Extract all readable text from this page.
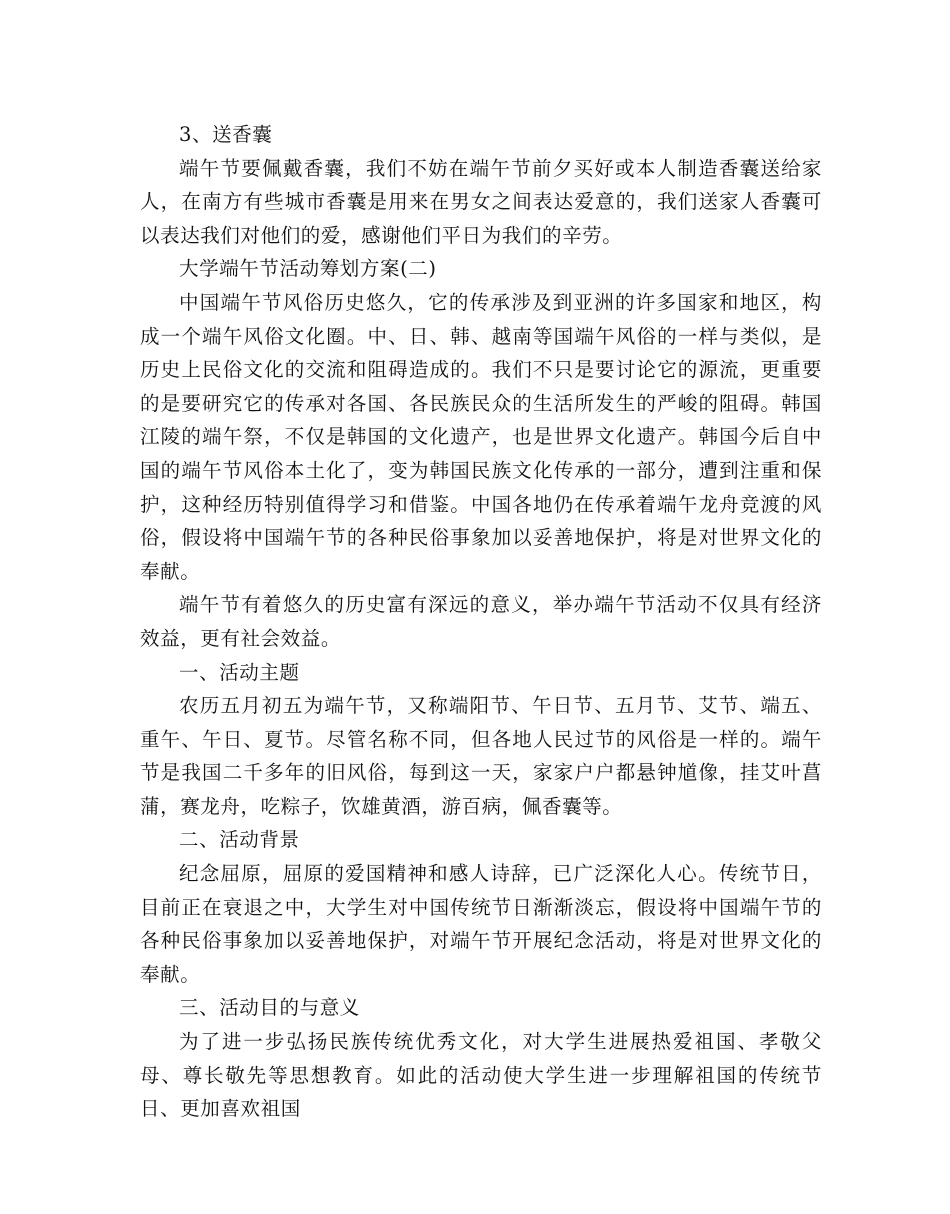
3、送香囊

端午节要佩戴香囊，我们不妨在端午节前夕买好或本人制造香囊送给家人，在南方有些城市香囊是用来在男女之间表达爱意的，我们送家人香囊可以表达我们对他们的爱，感谢他们平日为我们的辛劳。

大学端午节活动筹划方案(二)

中国端午节风俗历史悠久，它的传承涉及到亚洲的许多国家和地区，构成一个端午风俗文化圈。中、日、韩、越南等国端午风俗的一样与类似，是历史上民俗文化的交流和阻碍造成的。我们不只是要讨论它的源流，更重要的是要研究它的传承对各国、各民族民众的生活所发生的严峻的阻碍。韩国江陵的端午祭，不仅是韩国的文化遗产，也是世界文化遗产。韩国今后自中国的端午节风俗本土化了，变为韩国民族文化传承的一部分，遭到注重和保护，这种经历特别值得学习和借鉴。中国各地仍在传承着端午龙舟竞渡的风俗，假设将中国端午节的各种民俗事象加以妥善地保护，将是对世界文化的奉献。

端午节有着悠久的历史富有深远的意义，举办端午节活动不仅具有经济效益，更有社会效益。

一、活动主题

农历五月初五为端午节，又称端阳节、午日节、五月节、艾节、端五、重午、午日、夏节。尽管名称不同，但各地人民过节的风俗是一样的。端午节是我国二千多年的旧风俗，每到这一天，家家户户都悬钟馗像，挂艾叶菖蒲，赛龙舟，吃粽子，饮雄黄酒，游百病，佩香囊等。

二、活动背景

纪念屈原，屈原的爱国精神和感人诗辞，已广泛深化人心。传统节日，目前正在衰退之中，大学生对中国传统节日渐渐淡忘，假设将中国端午节的各种民俗事象加以妥善地保护，对端午节开展纪念活动，将是对世界文化的奉献。

三、活动目的与意义

为了进一步弘扬民族传统优秀文化，对大学生进展热爱祖国、孝敬父母、尊长敬先等思想教育。如此的活动使大学生进一步理解祖国的传统节日、更加喜欢祖国
